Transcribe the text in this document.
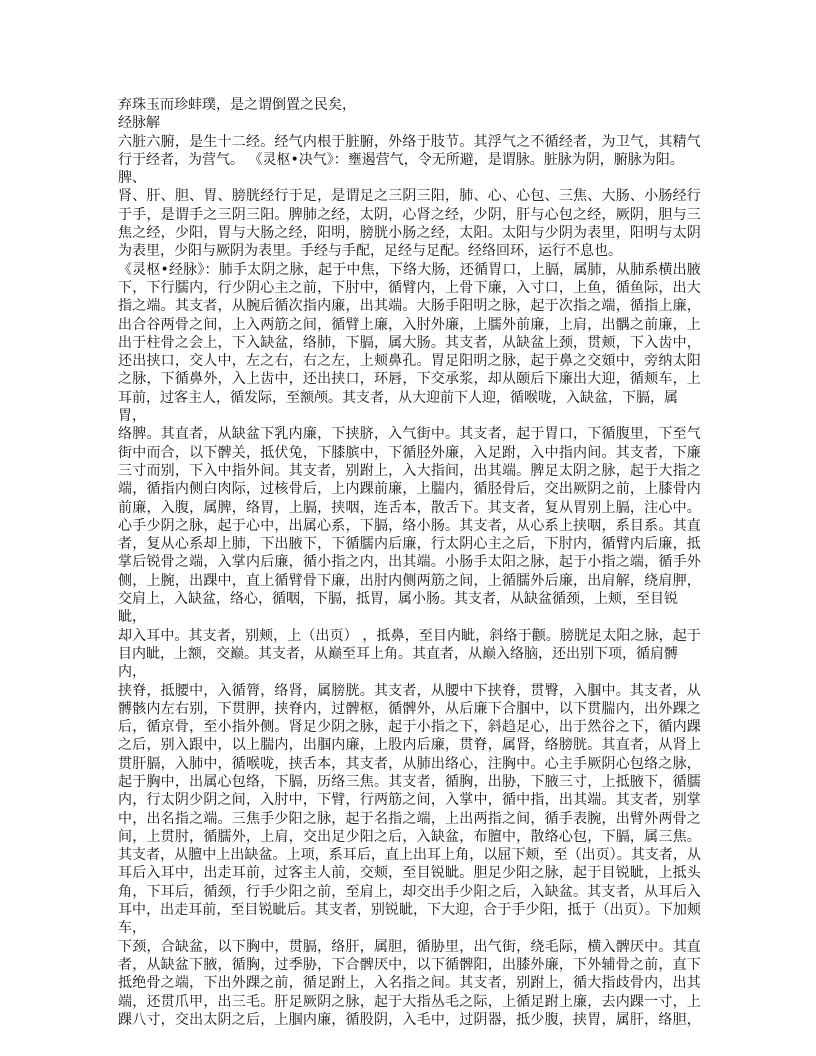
弃珠玉而珍蚌璞，是之谓倒置之民矣，
经脉解
六脏六腑，是生十二经。经气内根于脏腑，外络于肢节。其浮气之不循经者，为卫气，其精气
行于经者，为营气。 《灵枢•决气》：壅遏营气，令无所避，是谓脉。脏脉为阴，腑脉为阳。脾、
肾、肝、胆、胃、膀胱经行于足，是谓足之三阴三阳，肺、心、心包、三焦、大肠、小肠经行
于手，是谓手之三阴三阳。脾肺之经，太阴，心肾之经，少阴，肝与心包之经，厥阴，胆与三
焦之经，少阳，胃与大肠之经，阳明，膀胱小肠之经，太阳。太阳与少阴为表里，阳明与太阴
为表里，少阳与厥阴为表里。手经与手配，足经与足配。经络回环，运行不息也。
《灵枢•经脉》：肺手太阴之脉，起于中焦，下络大肠，还循胃口，上膈，属肺，从肺系横出腋
下，下行臑内，行少阴心主之前，下肘中，循臂内，上骨下廉，入寸口，上鱼，循鱼际，出大
指之端。其支者，从腕后循次指内廉，出其端。大肠手阳明之脉，起于次指之端，循指上廉，
出合谷两骨之间，上入两筋之间，循臂上廉，入肘外廉，上臑外前廉，上肩，出髃之前廉，上
出于柱骨之会上，下入缺盆，络肺，下膈，属大肠。其支者，从缺盆上颈，贯颊，下入齿中，
还出挟口，交人中，左之右，右之左，上颊鼻孔。胃足阳明之脉，起于鼻之交頞中，旁纳太阳
之脉，下循鼻外，入上齿中，还出挟口，环唇，下交承浆，却从颐后下廉出大迎，循颊车，上
耳前，过客主人，循发际，至额颅。其支者，从大迎前下人迎，循喉咙，入缺盆，下膈，属胃，
络脾。其直者，从缺盆下乳内廉，下挟脐，入气街中。其支者，起于胃口，下循腹里，下至气
街中而合，以下髀关，抵伏兔，下膝膑中，下循胫外廉，入足跗，入中指内间。其支者，下廉
三寸而别，下入中指外间。其支者，别跗上，入大指间，出其端。脾足太阴之脉，起于大指之
端，循指内侧白肉际，过核骨后，上内踝前廉，上腨内，循胫骨后，交出厥阴之前，上膝骨内
前廉，入腹，属脾，络胃，上膈，挟咽，连舌本，散舌下。其支者，复从胃别上膈，注心中。
心手少阴之脉，起于心中，出属心系，下膈，络小肠。其支者，从心系上挟咽，系目系。其直
者，复从心系却上肺，下出腋下，下循臑内后廉，行太阴心主之后，下肘内，循臂内后廉，抵
掌后锐骨之端，入掌内后廉，循小指之内，出其端。小肠手太阳之脉，起于小指之端，循手外
侧，上腕，出踝中，直上循臂骨下廉，出肘内侧两筋之间，上循臑外后廉，出肩解，绕肩胛，
交肩上，入缺盆，络心，循咽，下膈，抵胃，属小肠。其支者，从缺盆循颈，上颊，至目锐眦，
却入耳中。其支者，别颊，上（出页） ，抵鼻，至目内眦，斜络于颧。膀胱足太阳之脉，起于
目内眦，上额，交巅。其支者，从巅至耳上角。其直者，从巅入络脑，还出别下项，循肩髆内，
挟脊，抵腰中，入循膂，络肾，属膀胱。其支者，从腰中下挟脊，贯臀，入腘中。其支者，从
髆骸内左右别，下贯胛，挟脊内，过髀枢，循髀外，从后廉下合腘中，以下贯腨内，出外踝之
后，循京骨，至小指外侧。肾足少阴之脉，起于小指之下，斜趋足心，出于然谷之下，循内踝
之后，别入跟中，以上腨内，出腘内廉，上股内后廉，贯脊，属肾，络膀胱。其直者，从肾上
贯肝膈，入肺中，循喉咙，挟舌本，其支者，从肺出络心，注胸中。心主手厥阴心包络之脉，
起于胸中，出属心包络，下膈，历络三焦。其支者，循胸，出胁，下腋三寸，上抵腋下，循臑
内，行太阴少阴之间，入肘中，下臂，行两筋之间，入掌中，循中指，出其端。其支者，别掌
中，出名指之端。三焦手少阳之脉，起于名指之端，上出两指之间，循手表腕，出臂外两骨之
间，上贯肘，循臑外，上肩，交出足少阳之后，入缺盆，布膻中，散络心包，下膈，属三焦。
其支者，从膻中上出缺盆。上项，系耳后，直上出耳上角，以屈下颊，至（出页）。其支者，从
耳后入耳中，出走耳前，过客主人前，交颊，至目锐眦。胆足少阳之脉，起于目锐眦，上抵头
角，下耳后，循颈，行手少阳之前，至肩上，却交出手少阳之后，入缺盆。其支者，从耳后入
耳中，出走耳前，至目锐眦后。其支者，别锐眦，下大迎，合于手少阳，抵于（出页）。下加颊
车，
下颈，合缺盆，以下胸中，贯膈，络肝，属胆，循胁里，出气街，绕毛际，横入髀厌中。其直
者，从缺盆下腋，循胸，过季胁，下合髀厌中，以下循髀阳，出膝外廉，下外辅骨之前，直下
抵绝骨之端，下出外踝之前，循足跗上，入名指之间。其支者，别跗上，循大指歧骨内，出其
端，还贯爪甲，出三毛。肝足厥阴之脉，起于大指丛毛之际，上循足跗上廉，去内踝一寸，上
踝八寸，交出太阴之后，上腘内廉，循股阴，入毛中，过阴器，抵少腹，挟胃，属肝，络胆，
